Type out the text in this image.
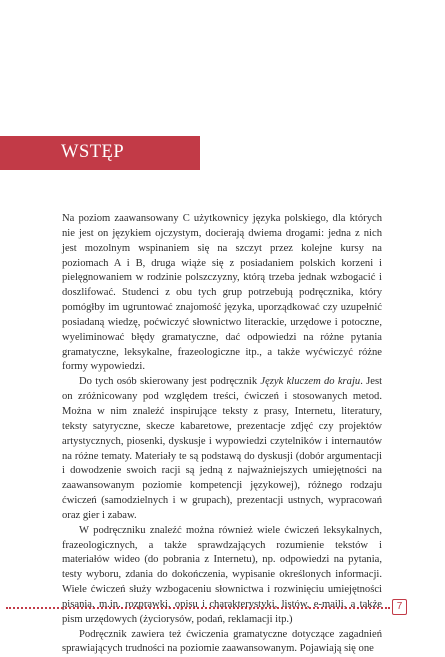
WSTĘP

Na poziom zaawansowany C użytkownicy języka polskiego, dla których nie jest on językiem ojczystym, docierają dwiema drogami: jedna z nich jest mozolnym wspinaniem się na szczyt przez kolejne kursy na poziomach A i B, druga wiąże się z posiadaniem polskich korzeni i pielęgnowaniem w rodzinie polszczyzny, którą trzeba jednak wzbogacić i doszlifować. Studenci z obu tych grup potrzebują podręcznika, który pomógłby im ugruntować znajomość języka, uporządkować czy uzupełnić posiadaną wiedzę, poćwiczyć słownictwo literackie, urzędowe i potoczne, wyeliminować błędy gramatyczne, dać odpowiedzi na różne pytania gramatyczne, leksykalne, frazeologiczne itp., a także wyćwiczyć różne formy wypowiedzi.

Do tych osób skierowany jest podręcznik Język kluczem do kraju. Jest on zróżnicowany pod względem treści, ćwiczeń i stosowanych metod. Można w nim znaleźć inspirujące teksty z prasy, Internetu, literatury, teksty satyryczne, skecze kabaretowe, prezentacje zdjęć czy projektów artystycznych, piosenki, dyskusje i wypowiedzi czytelników i internautów na różne tematy. Materiały te są podstawą do dyskusji (dobór argumentacji i dowodzenie swoich racji są jedną z najważniejszych umiejętności na zaawansowanym poziomie kompetencji językowej), różnego rodzaju ćwiczeń (samodzielnych i w grupach), prezentacji ustnych, wypracowań oraz gier i zabaw.

W podręczniku znaleźć można również wiele ćwiczeń leksykalnych, frazeologicznych, a także sprawdzających rozumienie tekstów i materiałów wideo (do pobrania z Internetu), np. odpowiedzi na pytania, testy wyboru, zdania do dokończenia, wypisanie określonych informacji. Wiele ćwiczeń służy wzbogaceniu słownictwa i rozwinięciu umiejętności pisania, m.in. rozprawki, opisu i charakterystyki, listów, e-maili, a także pism urzędowych (życiorysów, podań, reklamacji itp.)

Podręcznik zawiera też ćwiczenia gramatyczne dotyczące zagadnień sprawiających trudności na poziomie zaawansowanym. Pojawiają się one

7
